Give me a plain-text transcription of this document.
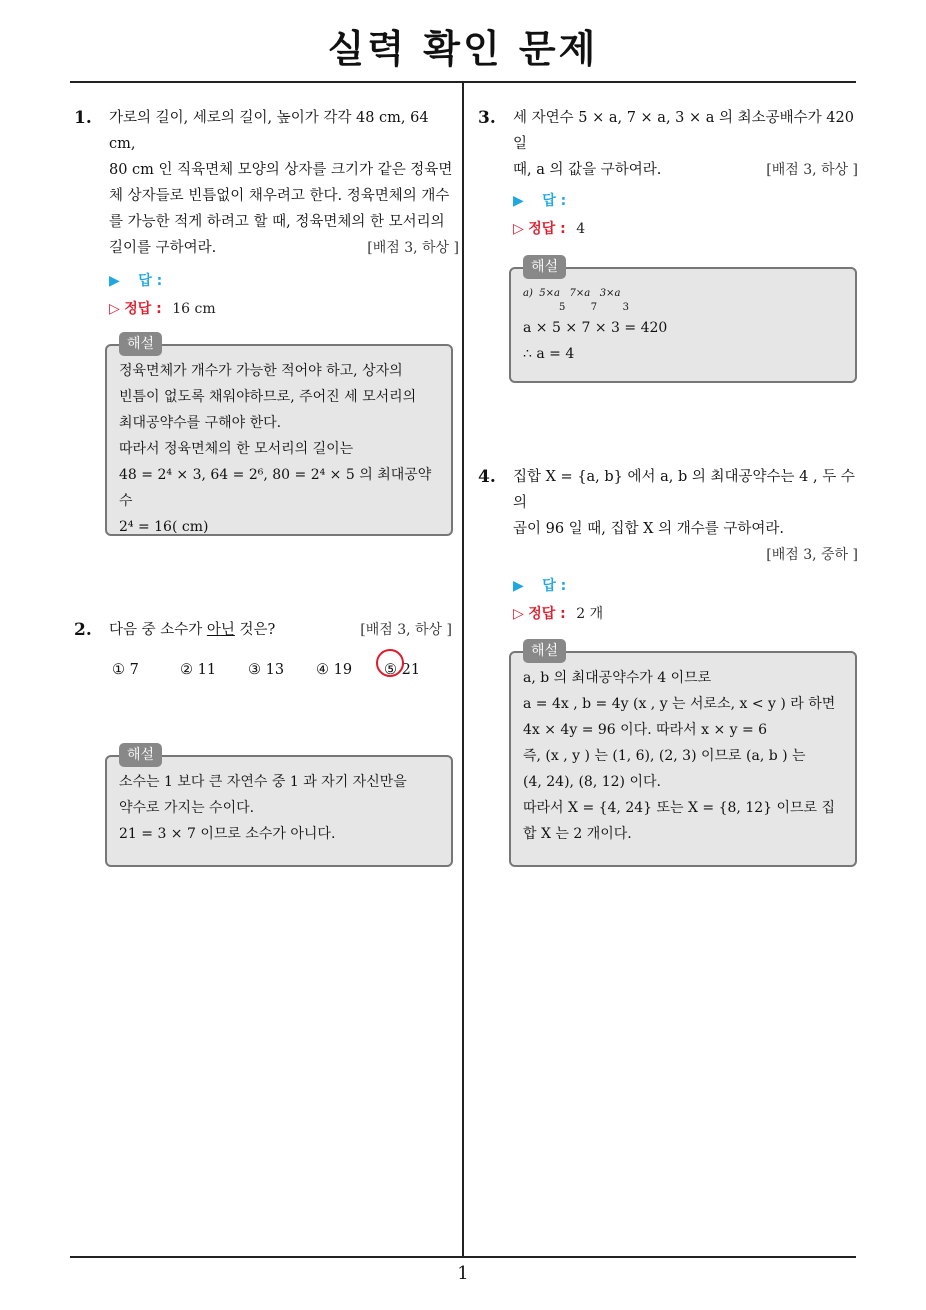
실력 확인 문제
1
1. 가로의 길이, 세로의 길이, 높이가 각각 48 cm, 64 cm,
80 cm 인 직육면체 모양의 상자를 크기가 같은 정육면
체 상자들로 빈틈없이 채우려고 한다. 정육면체의 개수
를 가능한 적게 하려고 할 때, 정육면체의 한 모서리의
길이를 구하여라.	[배점 3, 하상 ]
▶ 답 :
▷ 정답 : 16 cm
해설
정육면체가 개수가 가능한 적어야 하고, 상자의
빈틈이 없도록 채워야하므로, 주어진 세 모서리의
최대공약수를 구해야 한다.
따라서 정육면체의 한 모서리의 길이는
48 = 2⁴ × 3, 64 = 2⁶, 80 = 2⁴ × 5 의 최대공약수
2⁴ = 16( cm)
2. 다음 중 소수가 아닌 것은?	[배점 3, 하상 ]
① 7	② 11	③ 13	④ 19	⑤ 21
해설
소수는 1 보다 큰 자연수 중 1 과 자기 자신만을
약수로 가지는 수이다.
21 = 3 × 7 이므로 소수가 아니다.
3. 세 자연수 5 × a, 7 × a, 3 × a 의 최소공배수가 420 일
때, a 의 값을 구하여라.	[배점 3, 하상 ]
▶ 답 :
▷ 정답 : 4
해설
a)  5×a   7×a   3×a
5        7        3
a × 5 × 7 × 3 = 420
∴ a = 4
4. 집합 X = {a, b} 에서 a, b 의 최대공약수는 4 , 두 수의
곱이 96 일 때, 집합 X 의 개수를 구하여라.
[배점 3, 중하 ]
▶ 답 :
▷ 정답 : 2 개
해설
a, b 의 최대공약수가 4 이므로
a = 4x , b = 4y (x , y 는 서로소, x < y ) 라 하면
4x × 4y = 96 이다. 따라서 x × y = 6
즉, (x , y ) 는 (1, 6), (2, 3) 이므로 (a, b ) 는
(4, 24), (8, 12) 이다.
따라서 X = {4, 24} 또는 X = {8, 12} 이므로 집
합 X 는 2 개이다.
